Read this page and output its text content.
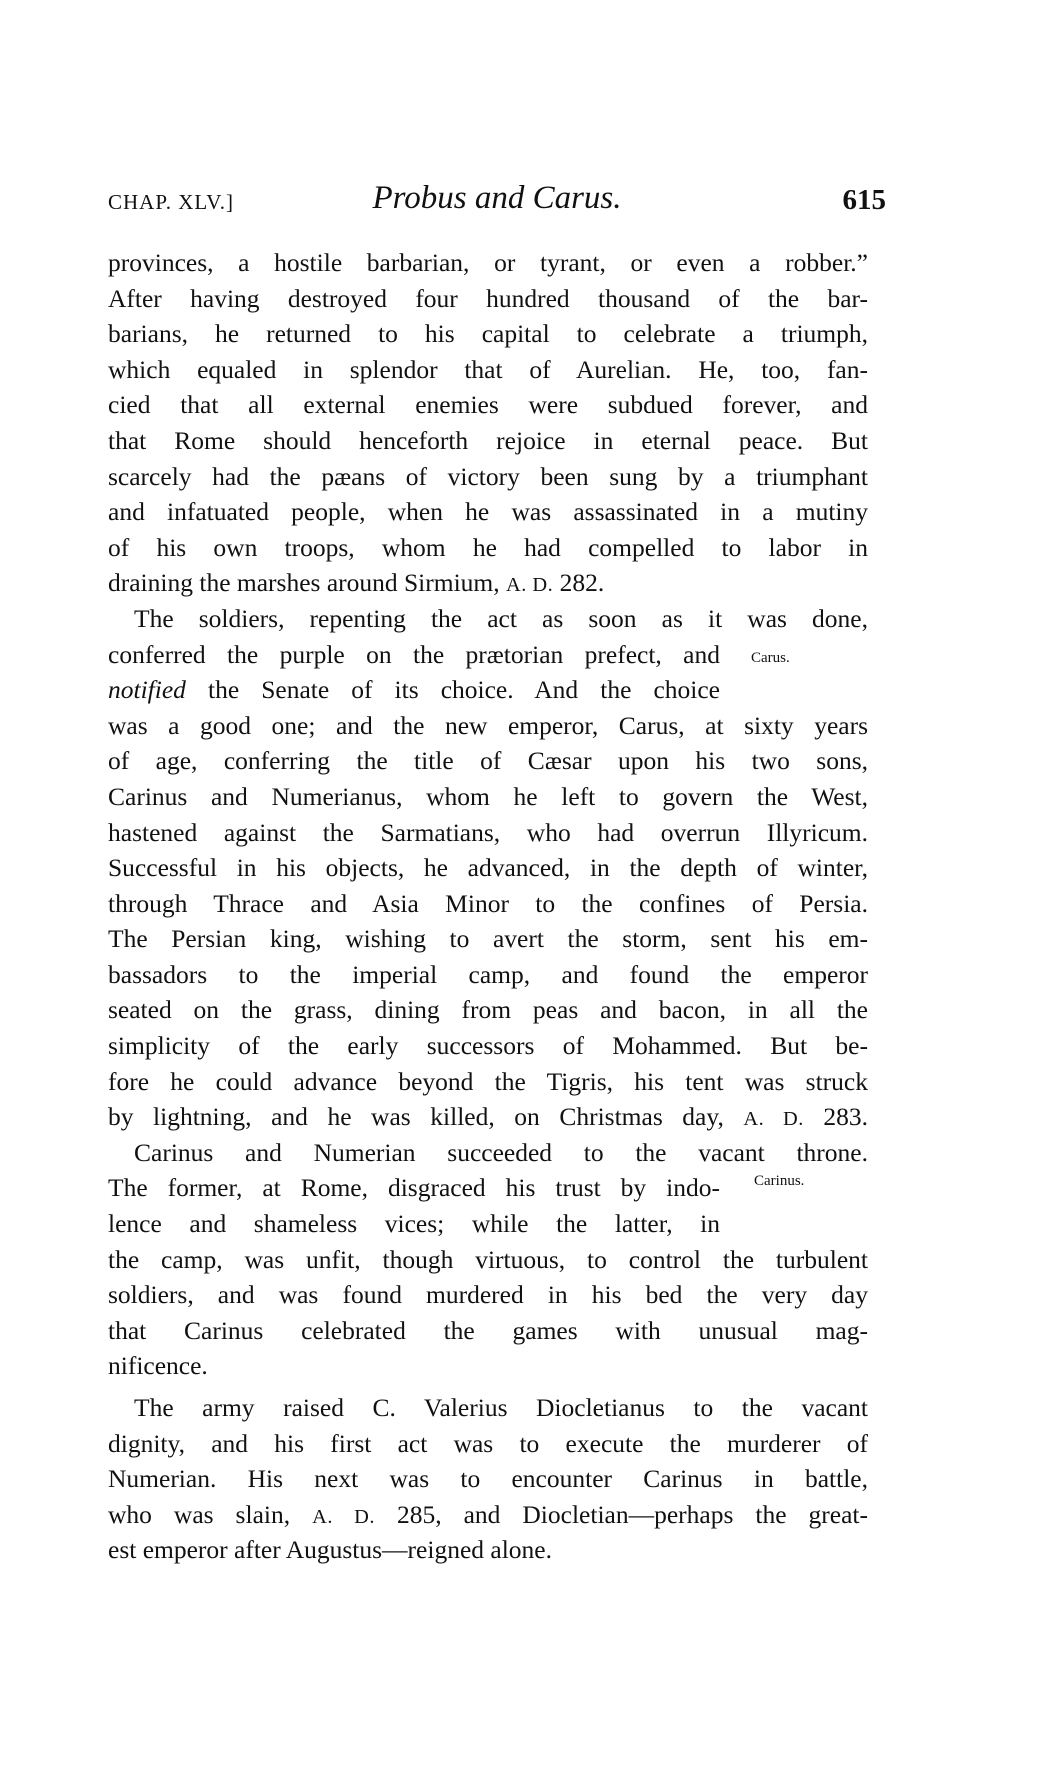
CHAP. XLV.]	Probus and Carus.	615
provinces, a hostile barbarian, or tyrant, or even a robber.”
After having destroyed four hundred thousand of the bar-
barians, he returned to his capital to celebrate a triumph,
which equaled in splendor that of Aurelian. He, too, fan-
cied that all external enemies were subdued forever, and
that Rome should henceforth rejoice in eternal peace. But
scarcely had the pæans of victory been sung by a triumphant
and infatuated people, when he was assassinated in a mutiny
of his own troops, whom he had compelled to labor in
draining the marshes around Sirmium, A. D. 282.
The soldiers, repenting the act as soon as it was done,
conferred the purple on the prætorian prefect, and
notified the Senate of its choice. And the choice
was a good one; and the new emperor, Carus, at sixty years
of age, conferring the title of Cæsar upon his two sons,
Carinus and Numerianus, whom he left to govern the West,
hastened against the Sarmatians, who had overrun Illyricum.
Successful in his objects, he advanced, in the depth of winter,
through Thrace and Asia Minor to the confines of Persia.
The Persian king, wishing to avert the storm, sent his em-
bassadors to the imperial camp, and found the emperor
seated on the grass, dining from peas and bacon, in all the
simplicity of the early successors of Mohammed. But be-
fore he could advance beyond the Tigris, his tent was struck
by lightning, and he was killed, on Christmas day, A. D. 283.
Carinus and Numerian succeeded to the vacant throne.
The former, at Rome, disgraced his trust by indo-
lence and shameless vices; while the latter, in
the camp, was unfit, though virtuous, to control the turbulent
soldiers, and was found murdered in his bed the very day
that Carinus celebrated the games with unusual mag-
nificence.
The army raised C. Valerius Diocletianus to the vacant
dignity, and his first act was to execute the murderer of
Numerian. His next was to encounter Carinus in battle,
who was slain, A. D. 285, and Diocletian—perhaps the great-
est emperor after Augustus—reigned alone.
Carus.
Carinus.
